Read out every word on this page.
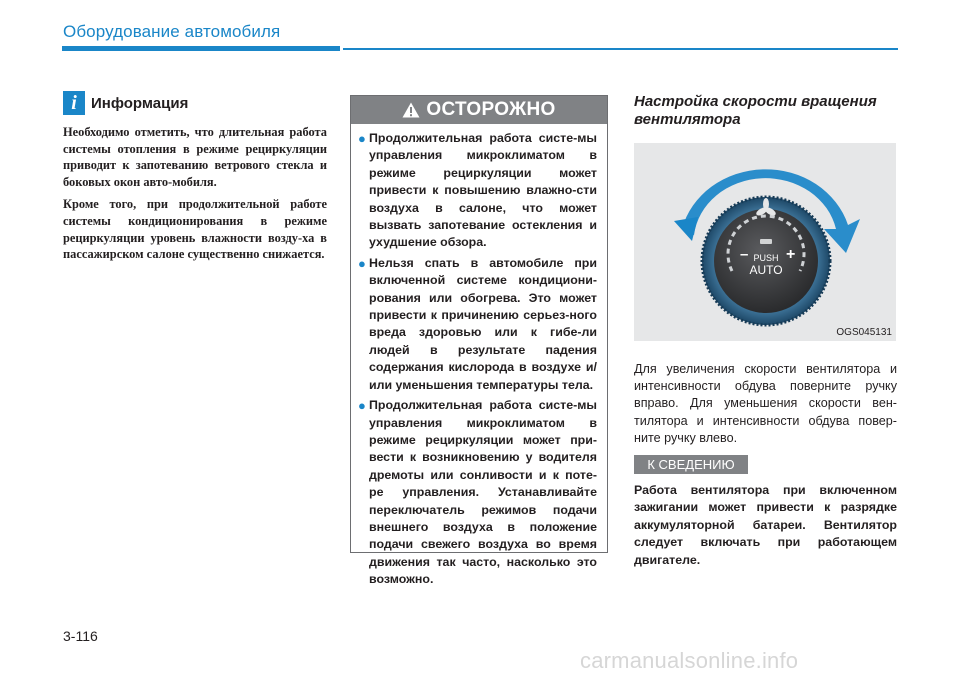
Оборудование автомобиля
i Информация

Необходимо отметить, что длительная работа системы отопления в режиме рециркуляции приводит к запотеванию ветрового стекла и боковых окон авто-мобиля.

Кроме того, при продолжительной работе системы кондиционирования в режиме рециркуляции уровень влажности возду-ха в пассажирском салоне существенно снижается.

ОСТОРОЖНО
● Продолжительная работа систе-мы управления микроклиматом в режиме рециркуляции может привести к повышению влажно-сти воздуха в салоне, что может вызвать запотевание остекления и ухудшение обзора.
● Нельзя спать в автомобиле при включенной системе кондициони-рования или обогрева. Это может привести к причинению серьез-ного вреда здоровью или к гибе-ли людей в результате падения содержания кислорода в воздухе и/или уменьшения температуры тела.
● Продолжительная работа систе-мы управления микроклиматом в режиме рециркуляции может при-вести к возникновению у водителя дремоты или сонливости и к поте-ре управления. Устанавливайте переключатель режимов подачи внешнего воздуха в положение подачи свежего воздуха во время движения так часто, насколько это возможно.
Настройка скорости вращения вентилятора
– +
PUSH
AUTO
OGS045131
Для увеличения скорости вентилятора и интенсивности обдува поверните ручку вправо. Для уменьшения скорости вен-тилятора и интенсивности обдува повер-ните ручку влево.
К СВЕДЕНИЮ
Работа вентилятора при включенном зажигании может привести к разрядке аккумуляторной батареи. Вентилятор следует включать при работающем двигателе.
3-116
carmanualsonline.info
